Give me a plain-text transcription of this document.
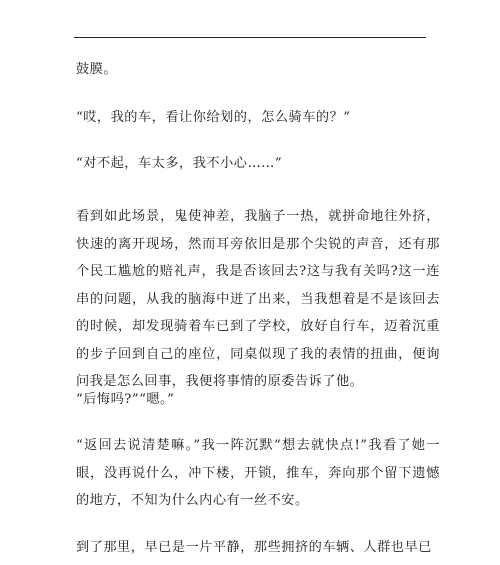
鼓膜。

“哎，我的车，看让你给划的，怎么骑车的？”

“对不起，车太多，我不小心……”

看到如此场景，鬼使神差，我脑子一热，就拼命地往外挤，快速的离开现场，然而耳旁依旧是那个尖锐的声音，还有那个民工尴尬的赔礼声，我是否该回去?这与我有关吗?这一连串的问题，从我的脑海中迸了出来，当我想着是不是该回去的时候，却发现骑着车已到了学校，放好自行车，迈着沉重的步子回到自己的座位，同桌似现了我的表情的扭曲，便询问我是怎么回事，我便将事情的原委告诉了他。

“后悔吗?”“嗯。”

“返回去说清楚嘛。”我一阵沉默“想去就快点!”我看了她一眼，没再说什么，冲下楼，开锁，推车，奔向那个留下遗憾的地方，不知为什么内心有一丝不安。

到了那里，早已是一片平静，那些拥挤的车辆、人群也早已
